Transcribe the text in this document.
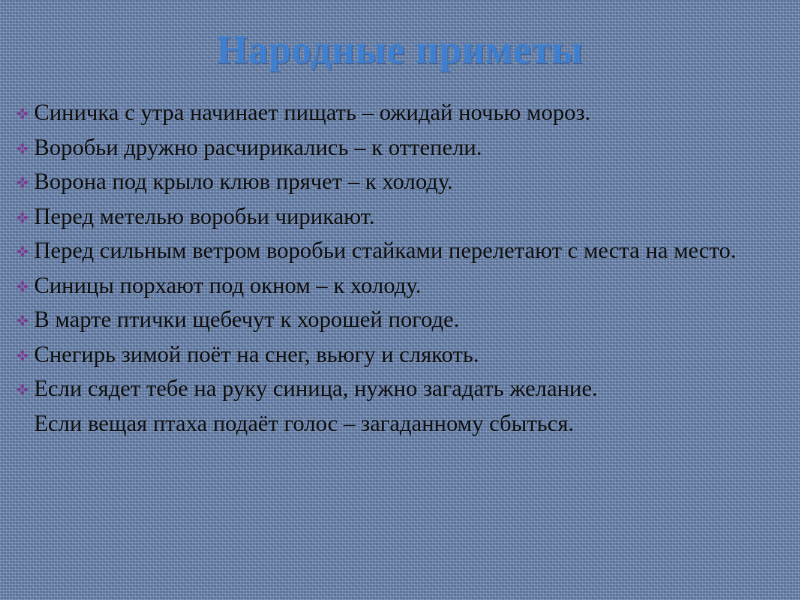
Народные приметы
Синичка с утра начинает пищать – ожидай ночью мороз.
Воробьи дружно расчирикались – к оттепели.
Ворона под крыло клюв прячет – к холоду.
Перед метелью воробьи чирикают.
Перед сильным ветром воробьи стайками перелетают с места на место.
Синицы порхают под окном – к холоду.
В марте птички щебечут к хорошей погоде.
Снегирь зимой поёт на снег, вьюгу и слякоть.
Если сядет тебе на руку синица, нужно загадать желание.
Если вещая птаха подаёт голос – загаданному сбыться.
